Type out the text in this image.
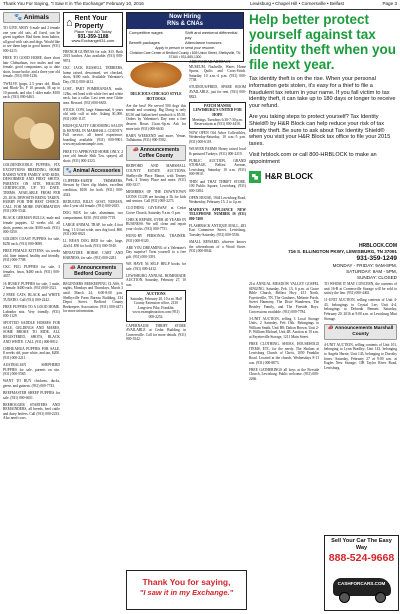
Thank You For Saying, "I Saw It in The Exchange" February 10, 2016	Lewisburg • Chapel Hill • Cornersville • Belfast	Page 3
🐾 Animals

TO GIVE AWAY 6 male and 2 female one year old cats, all fixed, can be given together. Had them from babies, all good with cats and dogs. Would like to see them kept in good homes. (931) 000-4215.

FREE TO GOOD HOME, three short hair Chihuahuas, two males and one female, good companions, up to date shots, house broke, and a three year old female. (931) 000-1236.

TWELVE (pups, 2.5 years old, Black and Black-Tri, F 10 pounds, M up to 10 pounds, and also 1 older male. $100 each. (931) 000-6463.

GOLDENDOODLE PUPPIES, FIX EXCEPTIONS BREEDING, HOME RAISED WITH FAMILY AND KIDS, DEWORMED AND FIRST SHOTS, PARENTS ON SITE. HEALTH CERTIFICATE, UP TO DATE. TERMS. AVAILABLE FROM FEB 20, 2016. DEPOSITS BEING TAKEN. HURRY FOR THE BEST CHOICE. CALL FOR MORE INFORMATION (931) 000-5544.

BLACK GERMAN BULLS, male and female puppies, 12 weeks old, all shots, parents on site. $500 each. (931) 000-3350.

GOLDEN COAST PUPPIES for sale, $250 each. (931) 000-0089.

FREE FEMALE KITTENS, six weeks old, litter trained, healthy and friendly. (931) 000-7708.

CKC PUG PUPPIES for sale, 3 females, fawn, $400 each. (931) 000-4457.

16 HUSKY PUPPIES for sale, 1 male, 2 female. $400 each. (931) 000-3321.

2 FREE CATS, BLACK and WHITE TUXEDO. Call (931) 000-2242.

FREE PUPPIES TO A GOOD HOME. Labrador mix. Very friendly. (931) 000-1129.

SPOTTED SADDLE HORSES FOR SALE, GELDINGS AND MARES, SOME BROKE TO RIDE. ALL REGISTERED, SHOTS, BLACK AND WHITE. CALL (931) 000-8812.

CHIHUAHUA PUPPIES FOR SALE, 8 weeks old, pure white, and tan, $200. (931) 000-2211.

AUSTRALIAN SHEPHERD PUPPIES for sale, parents on site. (931) 000-5565.

WANT TO BUY chickens, ducks, geese, and guineas. (931) 000-7743.

BEEFMASTER SHEEP PUPPIES for sale. (931) 000-6651.

BEEHOGGER STARTERS AND REMAINDERS, all breeds, beef cattle and dairy heifers. Call (931) 000-2233. Also need cows.

⌂ Rent Your Property
Place Your AD Today
931-359-1188
www.Exchange931.com

FRENCH GUINEAS for sale, $15. Both 2015 hatches. Also available. (931) 000-9874.

CKC JACK RUSSELL TERRIERS, home raised, dewormed, vet checked, shots, $300 each. Available Valentine's Day. (931) 000-4412.

LOST, PART POMERANIAN, male, 12lbs, red head with white feet and white neck, has a collar. Last seen near Globe area. Reward. (931) 000-6635.

STOCK COW, large Simmental, 6 years old with calf at side. Asking $1,000. (931) 000-1147.

HIGH-QUALITY GROOMING SALON & KENNEL IN MARSHALL COUNTY. Full service, all breed experience, boarding available. (931) 000-9901. www.mysalonexample.com.

FREE TO APPROVED HOME ONLY, 2 year old female Shih Tzu, spayed, all shots. (931) 000-2323.

🐾 Animal Accessories

CLIPPERS-EARTH TRIMMERS, Stewart by Oster clip blades, excellent condition, $100 for both. (931) 000-4343.

REDUCED, BILLY GOAT, NUBIAN, also 4 year old female. (931) 000-2655.

DOG BOX for sale, aluminum, two compartment. $150. (931) 000-7719.

LARGE ANIMAL TRAP, for sale, 4 foot long, 1 1/2 foot wide, uses dog food. $60. (931) 000-8821.

LL BEAN DOG BED for sale, large, 42x54. $50 for both. (931) 000-5540.

MINIATURE HORSE CART AND HARNESS, for sale. (931) 000-2281.

📣 Announcements Bedford County

BEGINNERS BEEKEEPING CLASS, 6 nights, Mondays and Thursdays, March 3 until March 24, 6:00-8:00 p.m. Shelbyville Farm Bureau Building, 134 Depot Street. Bedford County Beekeepers Association. (931) 000-4471 for more information.

Now Hiring
RNs & CNAs
Competitive wages	Shift and weekend differential pay
Benefit packages	Attendance bonuses
Apply in person or send your resume.
Christian Care Center of Bedford County • 835 Union Street, Shelbyville, TN 37160 • 931-685-1300

DELICIOUS CHICAGO STYLE HOT DOGS

Are the best! We served 500 dogs this month and counting. Big Dawg is only $3.50 and Italian beef sandwich is $5.50. Orders by Valentine's Day earn a free dessert. Hours 11a.m.-6p.m. Ask for more info (931) 000-6630.

BARN WEEKEND and more, Venue, Tullahoma. (931) 000-5582.

📣 Announcements Coffee County

BEDFORD AND MARSHALL COUNTY ESTATE AUCTIONS, Shelbyville Place Manor, with Tenney Park, 4 Trinity Place and more. (931) 000-3317.

MEMBERS OF THE DOWNTOWN LIONS CLUB are hosting a 5k for kids and seniors. Call (931) 000-2273.

CLOTHING GIVEAWAY at Cedar Grove Church, Saturday 9 a.m.-3 p.m.

CHECK REPAIR, OVER 40 YEARS IN BUSINESS. We will clean and repair your clocks. (931) 000-7751.

HUNG-RY PERSONAL TRAINER. (931) 000-8120.

ARE YOU DREAMING of a Valentine's Day surprise? Treat yourself to a free gift. (931) 000-3391.

WE HAVE 56 SELF HELP books for sale. (931) 000-4412.

LEWISBURG ANNUAL HOMEMADE AUCTION, Saturday, February 27, 10 a.m.

AUCTIONS
Saturday, February 20, 10 a.m. Hall County Extension office, 2130 Longview Pike, Franklin. www.exampleauction.com (931) 000-2252.

CAPERNAUM THRIFT STORE AVAILABLE at Cedar Building in Cornersville. Call for more details. (931) 000-5542.

Thank You for saying,
"I saw it in my Exchange."

ARROWHEAD/ARTIFACT MUSEUM, Nashville, Wares Home Sports, Quilts and Cross-Stitch. Saturday 10 a.m.-4 p.m. (931) 000-7738.

STUDIOUS/FRED, SPARE ROOM AVAILABLE, just for rent. (931) 000-8823.

PATCH MANOR LEWISBURG'S UNITED FOR HOPE
Meetings, Tuesdays 6:30-7:30 p.m. Reservations at (931) 000-4418.

NOW OPEN Old Arbor Collectibles, Wednesday-Saturday, 10 a.m.-5 p.m. (931) 000-6118.

WEAVER FARMS Honey raised local & pastured Turkeys. (931) 000-2219.

PUBLIC AUCTION, GRAND STORAGE, Belfast Avenue, Lewisburg, Saturday 10 a.m. (931) 000-9910.

THIN and THAT THRIFT STORE, 100 Public Square, Lewisburg. (931) 000-3384.

OPEN HOUSE, 1944 Lewisburg Road, Wednesday, February 15, 2 to 4 p.m.

MAFREY'S APPLIANCE NEW TELEPHONE NUMBER IS (931) 000-7400

FLASHBACK ANTIQUE MALL, 483 East Commerce Street, Lewisburg, Tuesday-Saturday. (931) 000-5536.

SMALL REWARD, whoever knows the whereabouts of a Wood Stove. (931) 000-8842.

Help better protect yourself against tax identity theft when you file next year.
Tax identity theft is on the rise. When your personal information gets stolen, it's easy for a thief to file a fraudulent tax return in your name. If you fall victim to tax identity theft, it can take up to 180 days or longer to receive your refund.
Are you taking steps to protect yourself? Tax Identity Shield® by H&R Block can help reduce your risk of tax identity theft. Be sure to ask about Tax Identity Shield® when you visit your H&R Block tax office to file your 2015 taxes.
Visit hrblock.com or call 800-HRBLOCK to make an appointment
H&R BLOCK
HRBLOCK.COM
716 S. ELLINGTON PKWY, LEWISBURG, TN 37091
931-359-1249
MONDAY - FRIDAY: 9AM-8PM,
SATURDAY: 9AM - 5PM,
SUNDAY: CLOSED

21st ANNUAL MEADOW VALLEY GOSPEL SINGING, Saturday, Feb. 13, 6 p.m. at Grace Bible Church, Belfast Hwy. 431 North, Fayetteville, TN. The Gardners, Melanie Porch, Sweet Harmony, The Dixie Wanderers, The Beasley Family, and The Fireside Boys. Concessions available. (931) 000-7784.

3-UNIT AUCTION, selling 3 Local Storage Units, 2 Saturday, Feb 13th. Belongings to William Smith, Unit B8; Dalton Brown, Unit 2-P; William Michael, Unit 4B. Auction at 10 a.m. at Fayetteville Storage, 1211 Main Street.

FREE CLOTHING, SHOES, HOUSEHOLD ITEMS, ETC. for the needy. The Shalom at Lewisburg Church of Christ, 1050 Franklin Road. Located at the church, Wednesdays 8-11 a.m. (931) 000-8873.

FREE GATHERINGS all boys at the Fireside Church, Lewisburg. Public welcome. (931) 000-2266.

TO WHOM IT MAY CONCERN, the contents of unit 16-B at Cornersville Storage will be sold to satisfy the lien. (931) 000-4402.

11-UNIT AUCTION, selling contents of Unit 4-43, belongings to Crystal Lee; Unit 4-4, belongings to Deborah Bennett. Saturday, February 20, 2016 at 9:00 a.m. at Lewisburg Mini Storage.

📣 Announcements Marshall County

4-UNIT AUCTION, selling contents of Unit 101, belonging to Lynn Bradley; Unit 143, belonging to Angela Harris; Unit 145, belonging to Dorothy Jones. Saturday, February 27 at 9:00 a.m. at Eagles Nest Storage, 108 Taylor River Road, Lewisburg.

Sell Your Car The Easy Way
888-524-9668
CASHFORCARS.COM
